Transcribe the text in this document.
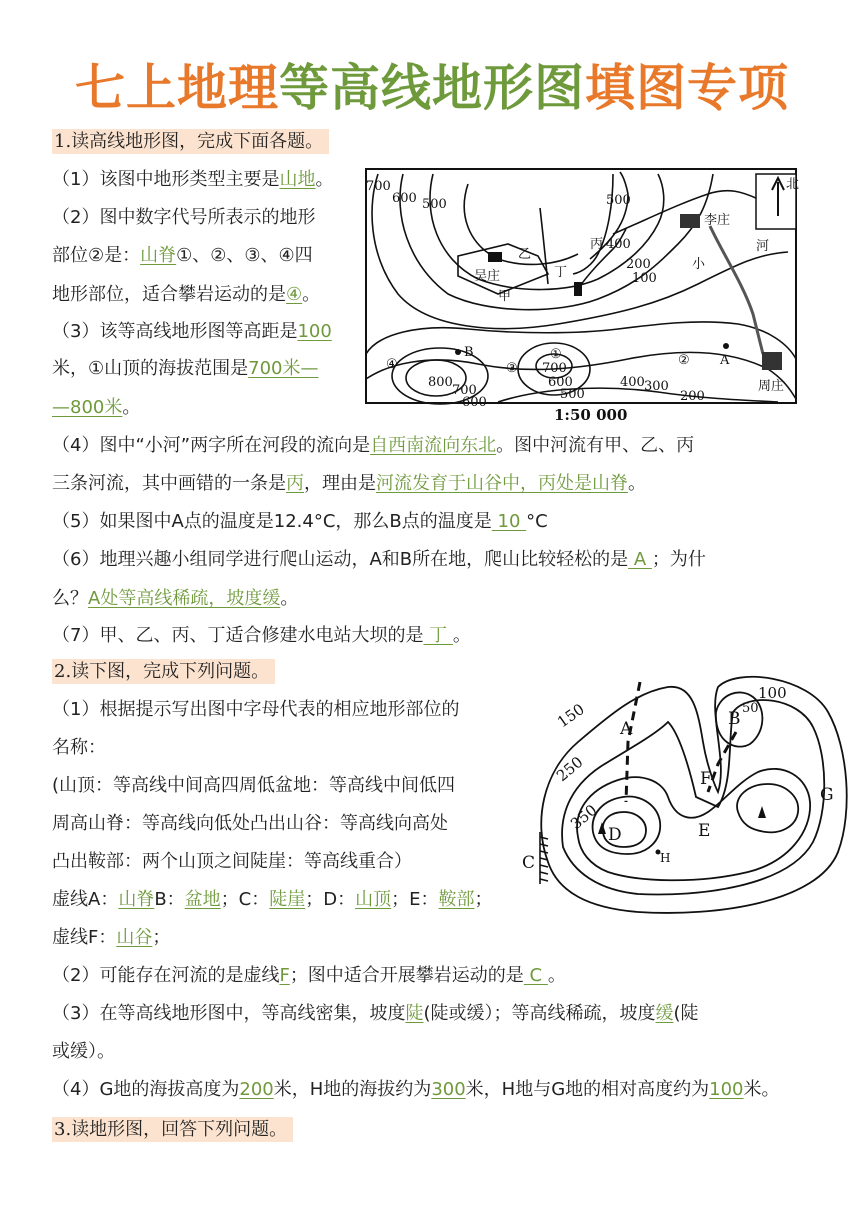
七上地理等高线地形图填图专项
1.读高线地形图，完成下面各题。
（1）该图中地形类型主要是山地。
（2）图中数字代号所表示的地形
部位②是：山脊①、②、③、④四
地形部位，适合攀岩运动的是④。
（3）该等高线地形图等高距是100
米，①山顶的海拔范围是700米—
—800米。
（4）图中“小河”两字所在河段的流向是自西南流向东北。图中河流有甲、乙、丙
三条河流，其中画错的一条是丙，理由是河流发育于山谷中，丙处是山脊。
（5）如果图中A点的温度是12.4°C，那么B点的温度是 10 °C
（6）地理兴趣小组同学进行爬山运动，A和B所在地，爬山比较轻松的是 A ；为什
么？A处等高线稀疏，坡度缓。
（7）甲、乙、丙、丁适合修建水电站大坝的是 丁 。
北
李庄
河
小
吴庄
周庄
甲
乙
丙
丁
A
B	①	②
③
④
700
600 500	500
400
200
100
800
700
600
700
600
500
400 300
200
1:50 000
2.读下图，完成下列问题。
（1）根据提示写出图中字母代表的相应地形部位的
名称：
(山顶：等高线中间高四周低盆地：等高线中间低四
周高山脊：等高线向低处凸出山谷：等高线向高处
凸出鞍部：两个山顶之间陡崖：等高线重合）
虚线A：山脊B：盆地；C：陡崖；D：山顶；E：鞍部；
虚线F：山谷；
（2）可能存在河流的是虚线F；图中适合开展攀岩运动的是 C 。
（3）在等高线地形图中，等高线密集，坡度陡(陡或缓）；等高线稀疏，坡度缓(陡
或缓）。
（4）G地的海拔高度为200米，H地的海拔约为300米，H地与G地的相对高度约为100米。
150
250
350
100
50
A	B
C
D	E
F
G
H
3.读地形图，回答下列问题。
